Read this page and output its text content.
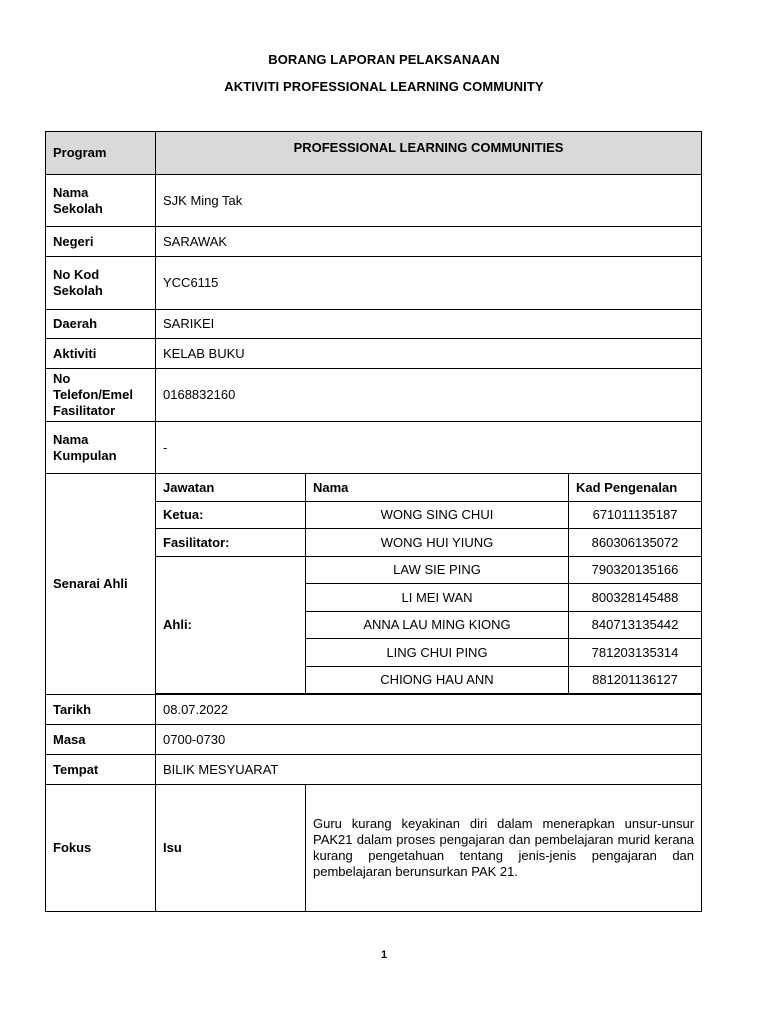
BORANG LAPORAN PELAKSANAAN
AKTIVITI PROFESSIONAL LEARNING COMMUNITY
Program	PROFESSIONAL LEARNING COMMUNITIES		

Nama
Sekolah	SJK Ming Tak		
Negeri	SARAWAK		

No Kod
Sekolah	YCC6115		
Daerah	SARIKEI		
Aktiviti	KELAB BUKU		

No
Telefon/Emel
Fasilitator	0168832160		

Nama
Kumpulan	-		
Senarai Ahli	Jawatan	Nama	Kad Pengenalan
	Ketua:	WONG SING CHUI	671011135187
	Fasilitator:	WONG HUI YIUNG	860306135072
	Ahli:	LAW SIE PING	790320135166
		LI MEI WAN	800328145488
		ANNA LAU MING KIONG	840713135442
		LING CHUI PING	781203135314
		CHIONG HAU ANN	881201136127

Tarikh	08.07.2022		
Masa	0700-0730		
Tempat	BILIK MESYUARAT		
Fokus	Isu	Guru kurang keyakinan diri dalam menerapkan unsur-unsur PAK21 dalam proses pengajaran dan pembelajaran murid kerana kurang pengetahuan tentang jenis-jenis pengajaran dan pembelajaran berunsurkan PAK 21.	
1
